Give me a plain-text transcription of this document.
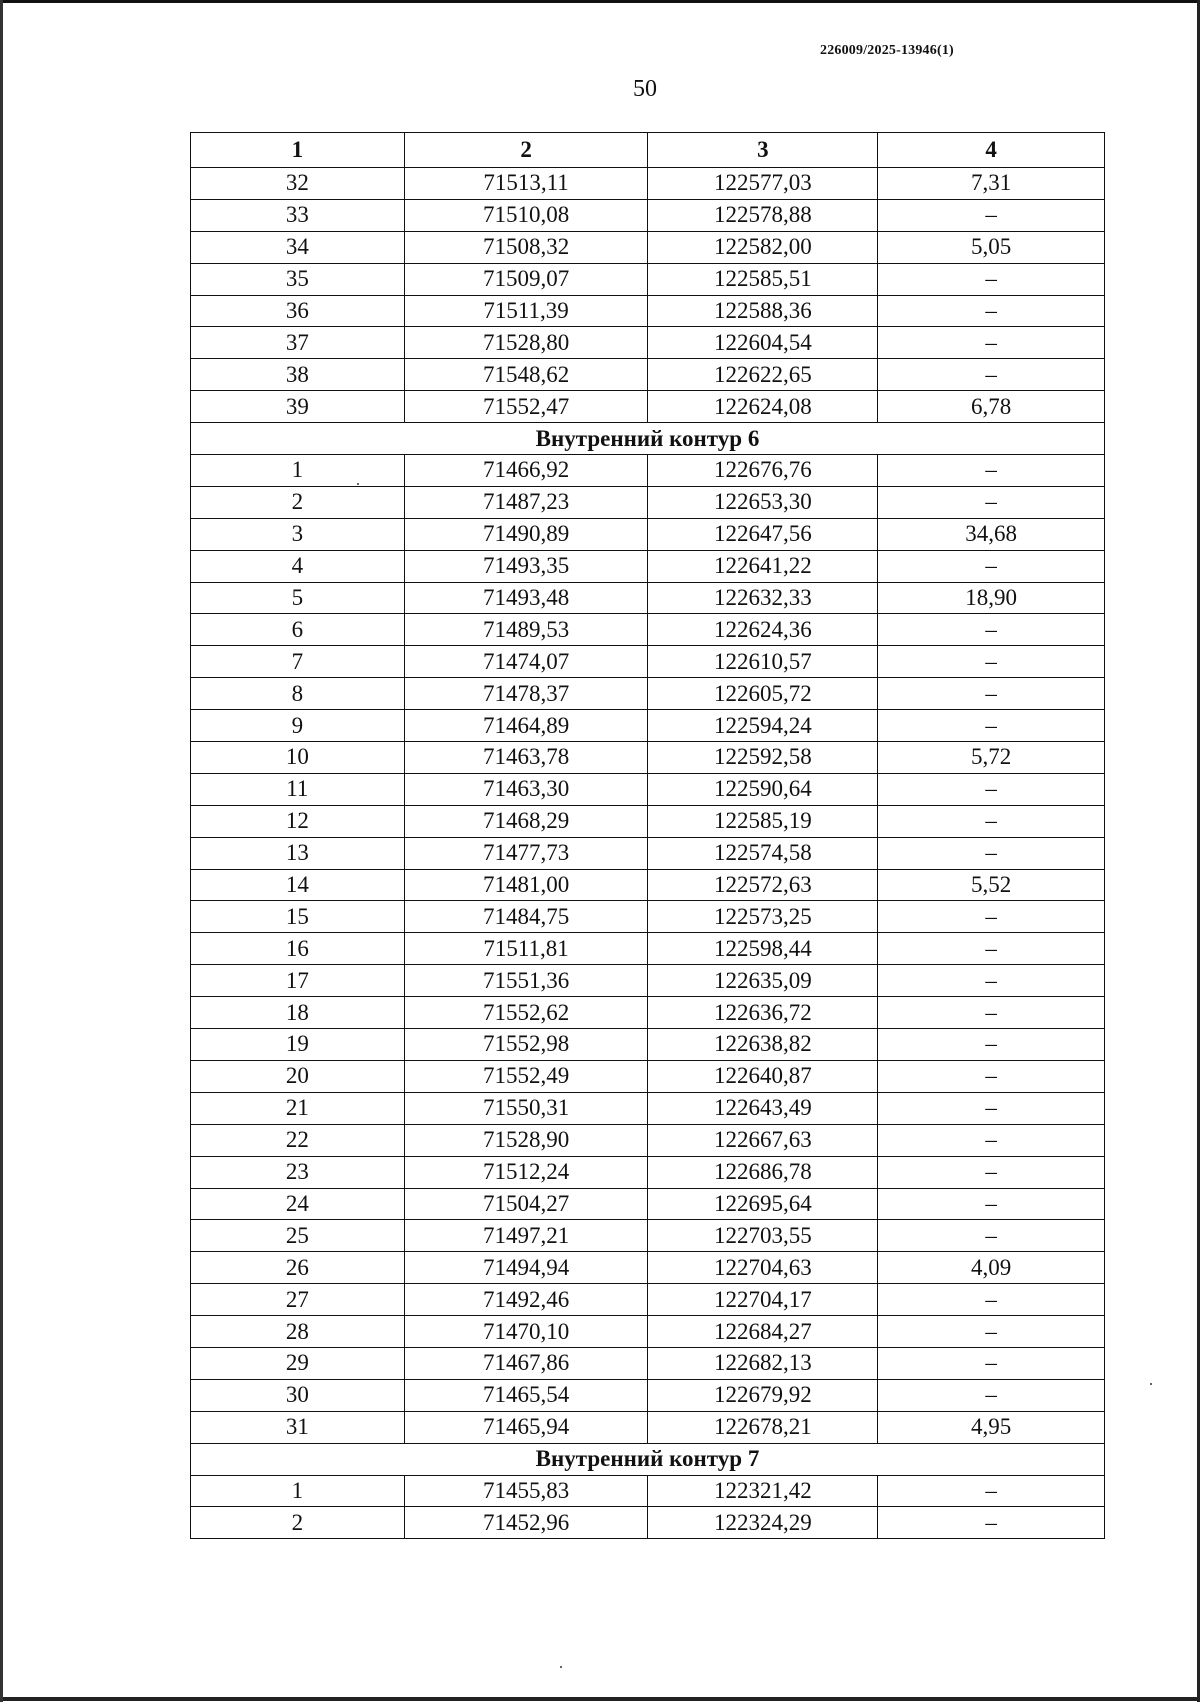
226009/2025-13946(1)
50
1	2	3	4
32	71513,11	122577,03	7,31
33	71510,08	122578,88	–
34	71508,32	122582,00	5,05
35	71509,07	122585,51	–
36	71511,39	122588,36	–
37	71528,80	122604,54	–
38	71548,62	122622,65	–
39	71552,47	122624,08	6,78
Внутренний контур 6			
1	71466,92	122676,76	–
2	71487,23	122653,30	–
3	71490,89	122647,56	34,68
4	71493,35	122641,22	–
5	71493,48	122632,33	18,90
6	71489,53	122624,36	–
7	71474,07	122610,57	–
8	71478,37	122605,72	–
9	71464,89	122594,24	–
10	71463,78	122592,58	5,72
11	71463,30	122590,64	–
12	71468,29	122585,19	–
13	71477,73	122574,58	–
14	71481,00	122572,63	5,52
15	71484,75	122573,25	–
16	71511,81	122598,44	–
17	71551,36	122635,09	–
18	71552,62	122636,72	–
19	71552,98	122638,82	–
20	71552,49	122640,87	–
21	71550,31	122643,49	–
22	71528,90	122667,63	–
23	71512,24	122686,78	–
24	71504,27	122695,64	–
25	71497,21	122703,55	–
26	71494,94	122704,63	4,09
27	71492,46	122704,17	–
28	71470,10	122684,27	–
29	71467,86	122682,13	–
30	71465,54	122679,92	–
31	71465,94	122678,21	4,95
Внутренний контур 7			
1	71455,83	122321,42	–
2	71452,96	122324,29	–
